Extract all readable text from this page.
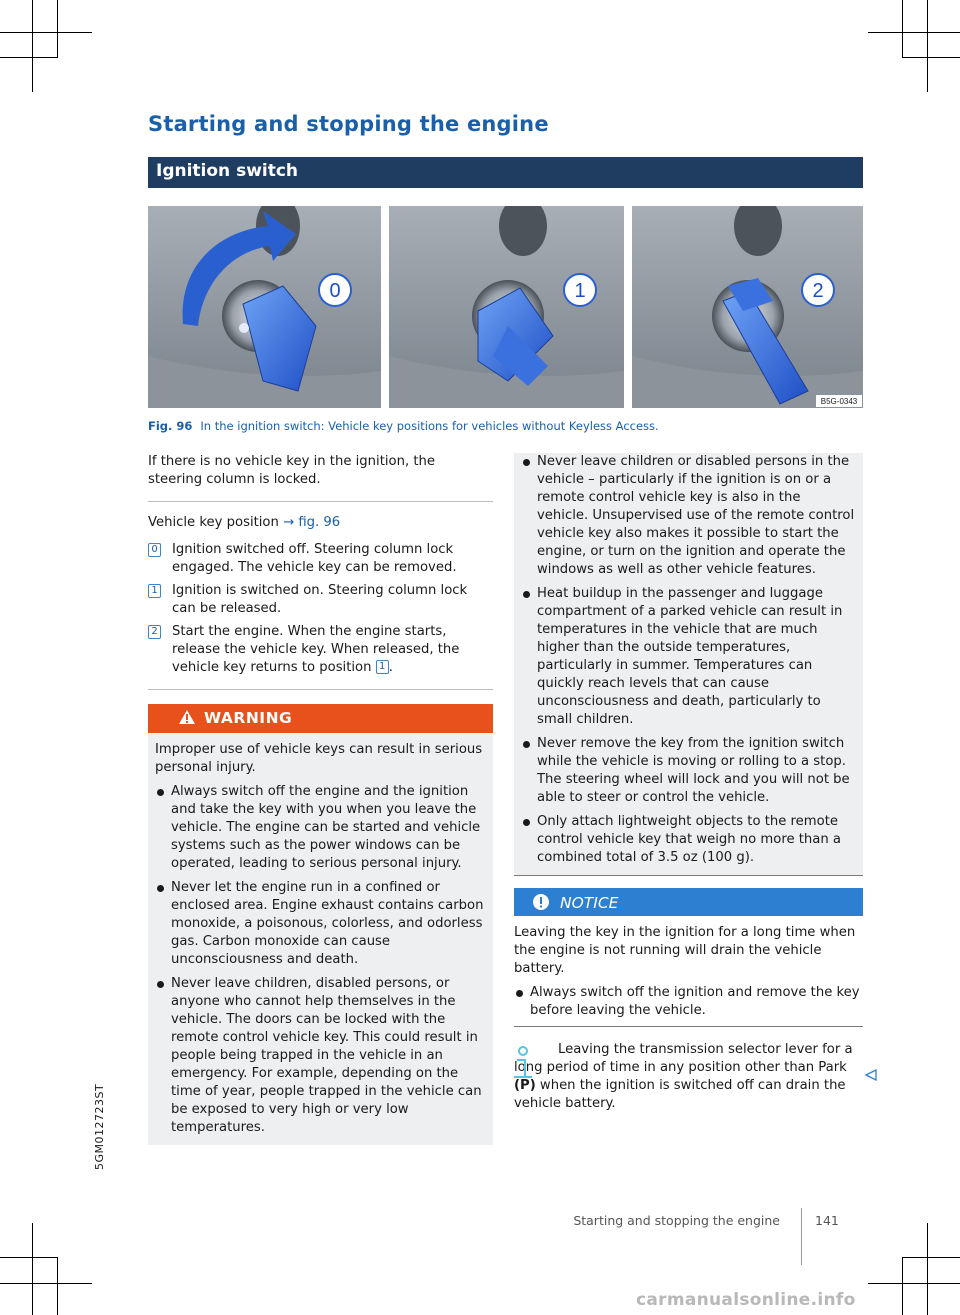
Starting and stopping the engine
Ignition switch
0	1	2
B5G-0343
Fig. 96 In the ignition switch: Vehicle key positions for vehicles without Keyless Access.

If there is no vehicle key in the ignition, the steering column is locked.

Vehicle key position → fig. 96

0 Ignition switched off. Steering column lock engaged. The vehicle key can be removed.
1 Ignition is switched on. Steering column lock can be released.
2 Start the engine. When the engine starts, release the vehicle key. When released, the vehicle key returns to position 1 .
WARNING

Improper use of vehicle keys can result in serious personal injury.

Always switch off the engine and the ignition and take the key with you when you leave the vehicle. The engine can be started and vehicle systems such as the power windows can be operated, leading to serious personal injury.
Never let the engine run in a confined or enclosed area. Engine exhaust contains carbon monoxide, a poisonous, colorless, and odorless gas. Carbon monoxide can cause unconsciousness and death.
Never leave children, disabled persons, or anyone who cannot help themselves in the vehicle. The doors can be locked with the remote control vehicle key. This could result in people being trapped in the vehicle in an emergency. For example, depending on the time of year, people trapped in the vehicle can be exposed to very high or very low temperatures.
Never leave children or disabled persons in the vehicle – particularly if the ignition is on or a remote control vehicle key is also in the vehicle. Unsupervised use of the remote control vehicle key also makes it possible to start the engine, or turn on the ignition and operate the windows as well as other vehicle features.
Heat buildup in the passenger and luggage compartment of a parked vehicle can result in temperatures in the vehicle that are much higher than the outside temperatures, particularly in summer. Temperatures can quickly reach levels that can cause unconsciousness and death, particularly to small children.
Never remove the key from the ignition switch while the vehicle is moving or rolling to a stop. The steering wheel will lock and you will not be able to steer or control the vehicle.
Only attach lightweight objects to the remote control vehicle key that weigh no more than a combined total of 3.5 oz (100 g).
NOTICE

Leaving the key in the ignition for a long time when the engine is not running will drain the vehicle battery.

Always switch off the ignition and remove the key before leaving the vehicle.

Leaving the transmission selector lever for a long period of time in any position other than Park (P) when the ignition is switched off can drain the vehicle battery.

5GM012723ST
Starting and stopping the engine	141
carmanualsonline.info
